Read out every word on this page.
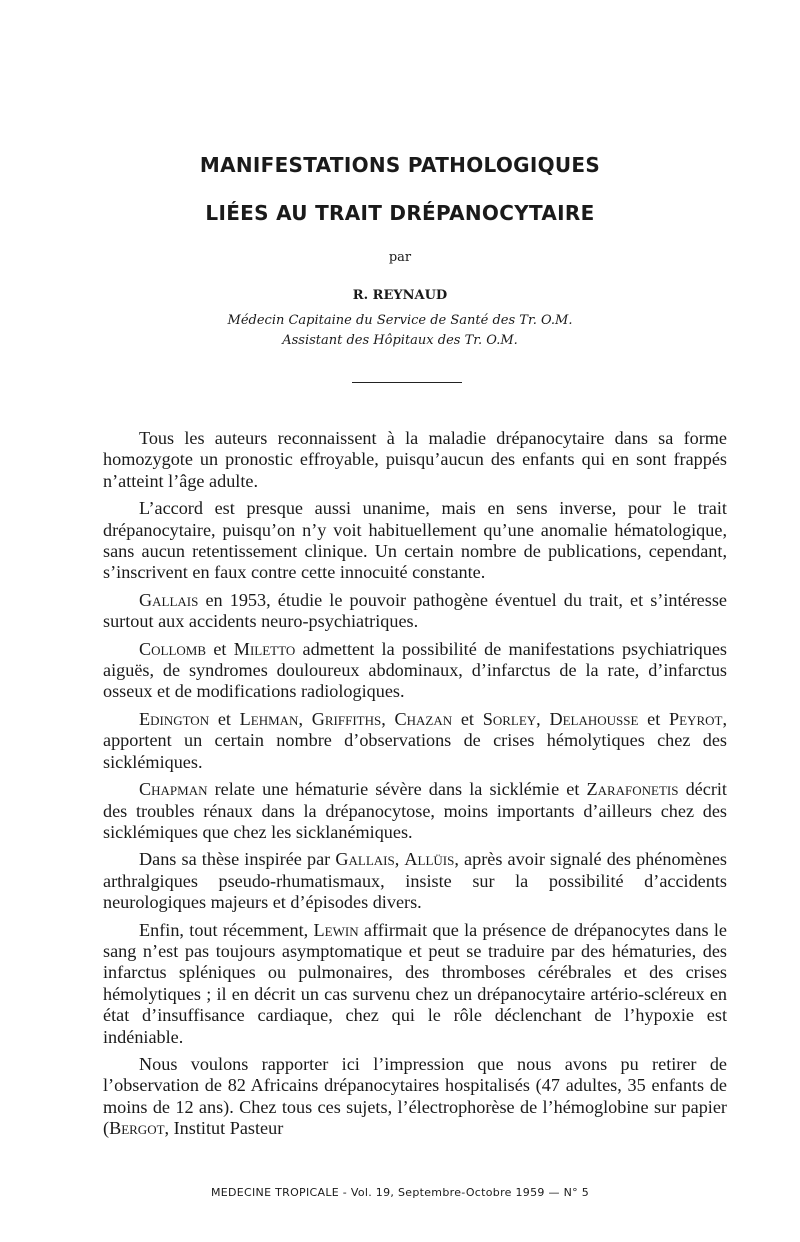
MANIFESTATIONS PATHOLOGIQUES
LIÉES AU TRAIT DRÉPANOCYTAIRE
par
R. REYNAUD
Médecin Capitaine du Service de Santé des Tr. O.M.
Assistant des Hôpitaux des Tr. O.M.

Tous les auteurs reconnaissent à la maladie drépanocytaire dans sa forme homozygote un pronostic effroyable, puisqu’aucun des enfants qui en sont frappés n’atteint l’âge adulte.

L’accord est presque aussi unanime, mais en sens inverse, pour le trait drépanocytaire, puisqu’on n’y voit habituellement qu’une anomalie hématologique, sans aucun retentissement clinique. Un certain nombre de publications, cependant, s’inscrivent en faux contre cette innocuité constante.

Gallais en 1953, étudie le pouvoir pathogène éventuel du trait, et s’intéresse surtout aux accidents neuro-psychiatriques.

Collomb et Miletto admettent la possibilité de manifestations psychiatriques aiguës, de syndromes douloureux abdominaux, d’infarctus de la rate, d’infarctus osseux et de modifications radiologiques.

Edington et Lehman, Griffiths, Chazan et Sorley, Delahousse et Peyrot, apportent un certain nombre d’observations de crises hémolytiques chez des sicklémiques.

Chapman relate une hématurie sévère dans la sicklémie et Zarafonetis décrit des troubles rénaux dans la drépanocytose, moins importants d’ailleurs chez des sicklémiques que chez les sicklanémiques.

Dans sa thèse inspirée par Gallais, Allüis, après avoir signalé des phénomènes arthralgiques pseudo-rhumatismaux, insiste sur la possibilité d’accidents neurologiques majeurs et d’épisodes divers.

Enfin, tout récemment, Lewin affirmait que la présence de drépanocytes dans le sang n’est pas toujours asymptomatique et peut se traduire par des hématuries, des infarctus spléniques ou pulmonaires, des thromboses cérébrales et des crises hémolytiques ; il en décrit un cas survenu chez un drépanocytaire artério-scléreux en état d’insuffisance cardiaque, chez qui le rôle déclenchant de l’hypoxie est indéniable.

Nous voulons rapporter ici l’impression que nous avons pu retirer de l’observation de 82 Africains drépanocytaires hospitalisés (47 adultes, 35 enfants de moins de 12 ans). Chez tous ces sujets, l’électrophorèse de l’hémoglobine sur papier (Bergot, Institut Pasteur

MEDECINE TROPICALE - Vol. 19, Septembre-Octobre 1959 — N° 5
